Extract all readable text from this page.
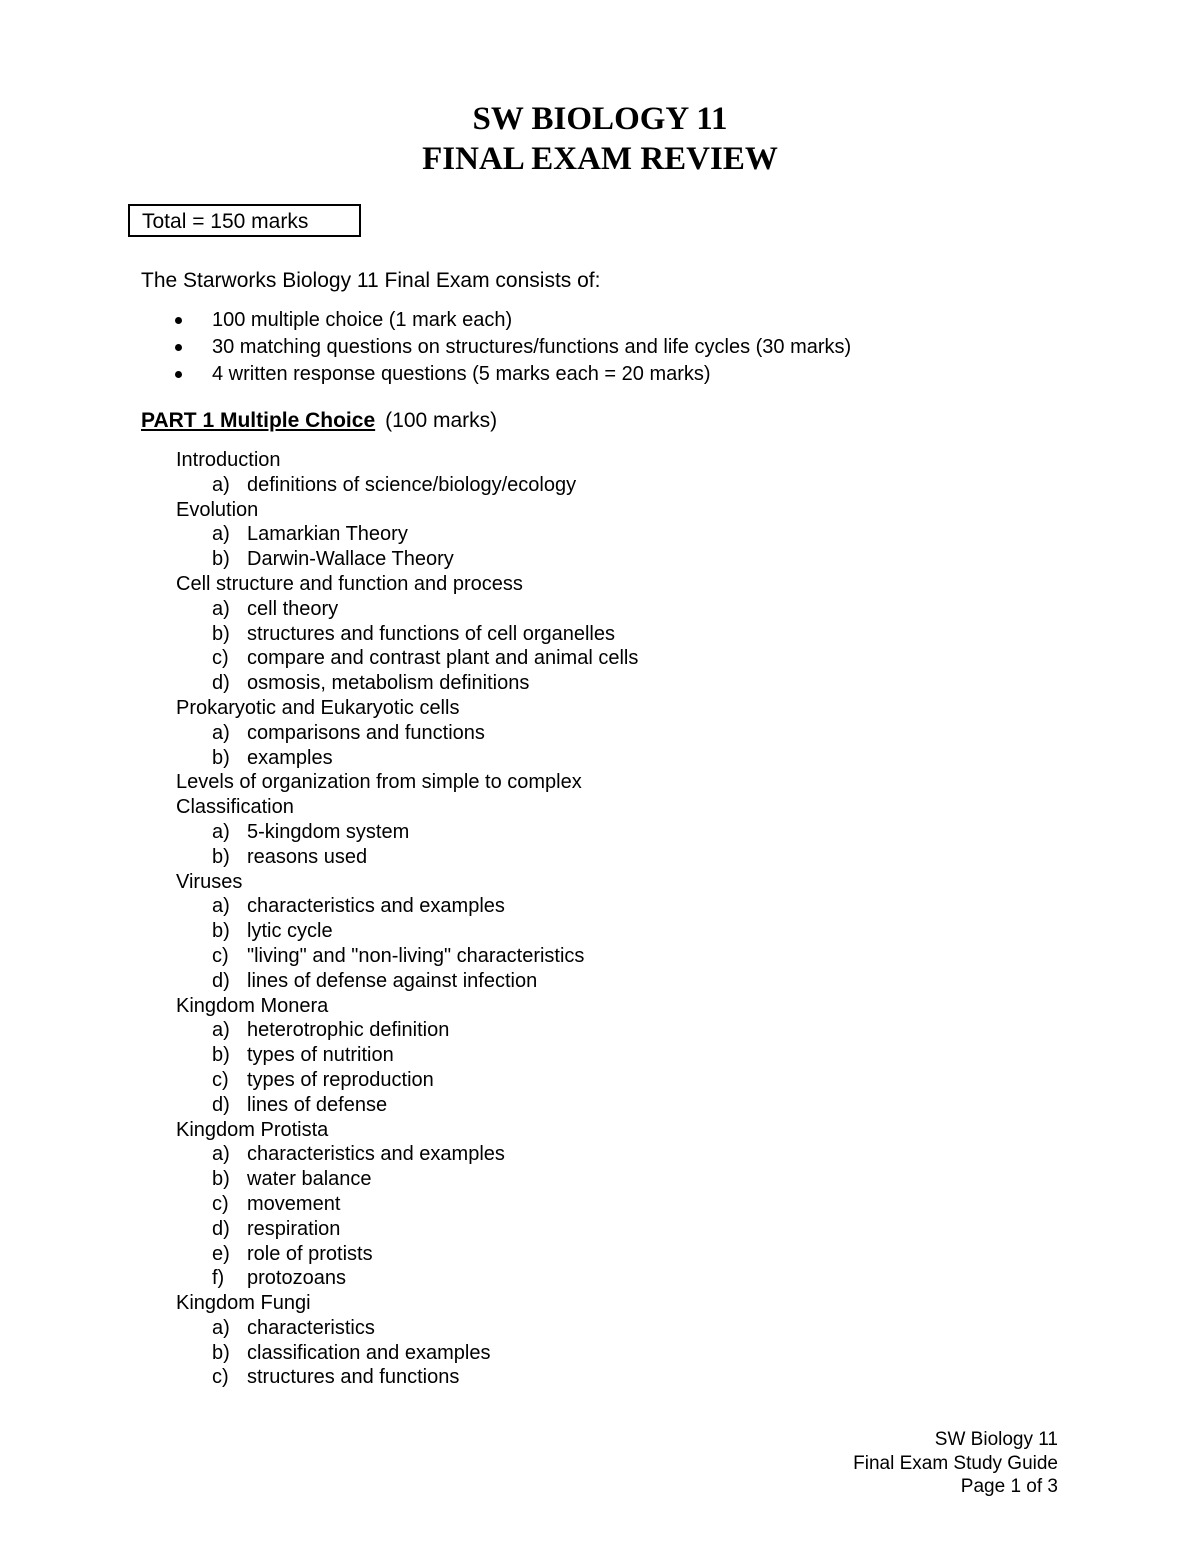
SW BIOLOGY 11
FINAL EXAM REVIEW
Total = 150 marks
The Starworks Biology 11 Final Exam consists of:
100 multiple choice (1 mark each)
30 matching questions on structures/functions and life cycles (30 marks)
4 written response questions (5 marks each = 20 marks)
PART 1 Multiple Choice (100 marks)
Introduction
a) definitions of science/biology/ecology
Evolution
a) Lamarkian Theory
b) Darwin-Wallace Theory
Cell structure and function and process
a) cell theory
b) structures and functions of cell organelles
c) compare and contrast plant and animal cells
d) osmosis, metabolism definitions
Prokaryotic and Eukaryotic cells
a) comparisons and functions
b) examples
Levels of organization from simple to complex
Classification
a) 5-kingdom system
b) reasons used
Viruses
a) characteristics and examples
b) lytic cycle
c) "living" and "non-living" characteristics
d) lines of defense against infection
Kingdom Monera
a) heterotrophic definition
b) types of nutrition
c) types of reproduction
d) lines of defense
Kingdom Protista
a) characteristics and examples
b) water balance
c) movement
d) respiration
e) role of protists
f) protozoans
Kingdom Fungi
a) characteristics
b) classification and examples
c) structures and functions
SW Biology 11
Final Exam Study Guide
Page 1 of 3
